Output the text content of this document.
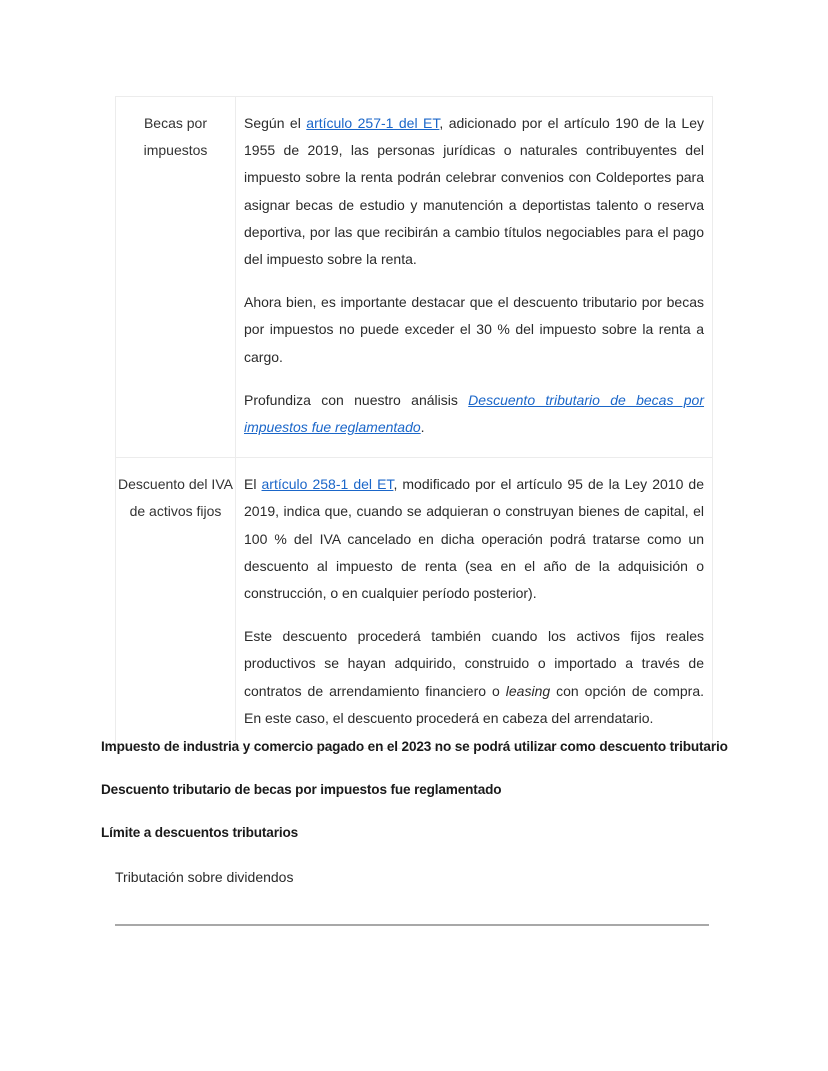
Becas por impuestos	Según el artículo 257-1 del ET, adicionado por el artículo 190 de la Ley 1955 de 2019, las personas jurídicas o naturales contribuyentes del impuesto sobre la renta podrán celebrar convenios con Coldeportes para asignar becas de estudio y manutención a deportistas talento o reserva deportiva, por las que recibirán a cambio títulos negociables para el pago del impuesto sobre la renta.

Ahora bien, es importante destacar que el descuento tributario por becas por impuestos no puede exceder el 30 % del impuesto sobre la renta a cargo.

Profundiza con nuestro análisis Descuento tributario de becas por impuestos fue reglamentado.

Descuento del IVA de activos fijos	El artículo 258-1 del ET, modificado por el artículo 95 de la Ley 2010 de 2019, indica que, cuando se adquieran o construyan bienes de capital, el 100 % del IVA cancelado en dicha operación podrá tratarse como un descuento al impuesto de renta (sea en el año de la adquisición o construcción, o en cualquier período posterior).

Este descuento procederá también cuando los activos fijos reales productivos se hayan adquirido, construido o importado a través de contratos de arrendamiento financiero o leasing con opción de compra. En este caso, el descuento procederá en cabeza del arrendatario.

Impuesto de industria y comercio pagado en el 2023 no se podrá utilizar como descuento tributario
Descuento tributario de becas por impuestos fue reglamentado
Límite a descuentos tributarios
Tributación sobre dividendos
